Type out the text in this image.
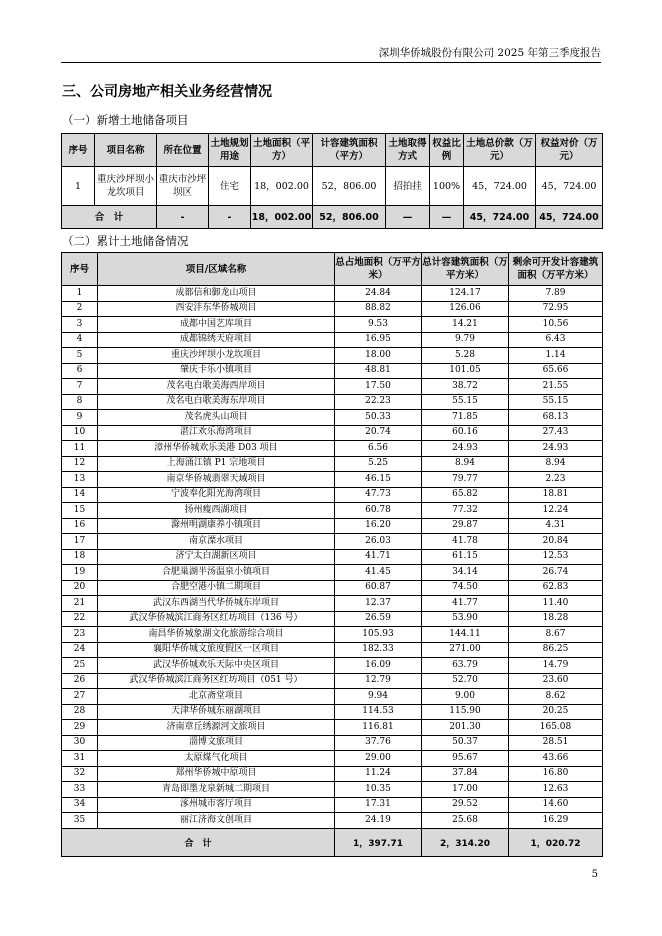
深圳华侨城股份有限公司 2025 年第三季度报告
三、公司房地产相关业务经营情况
（一）新增土地储备项目
序号	项目名称	所在位置	土地规划用途	土地面积（平方）	计容建筑面积（平方）	土地取得方式	权益比例	土地总价款（万元）	权益对价（万元）
1	重庆沙坪坝小龙坎项目	重庆市沙坪坝区	住宅	18，002.00	52，806.00	招拍挂	100%	45，724.00	45，724.00
合　计		-	-	18，002.00	52，806.00	—	—	45，724.00	45，724.00
（二）累计土地储备情况
序号	项目/区域名称	总占地面积（万平方米）	总计容建筑面积（万平方米）	剩余可开发计容建筑面积（万平方米）
1	成都信和御龙山项目	24.84	124.17	7.89
2	西安沣东华侨城项目	88.82	126.06	72.95
3	成都中国艺库项目	9.53	14.21	10.56
4	成都锦绣天府项目	16.95	9.79	6.43
5	重庆沙坪坝小龙坎项目	18.00	5.28	1.14
6	肇庆卡乐小镇项目	48.81	101.05	65.66
7	茂名电白歌美海西岸项目	17.50	38.72	21.55
8	茂名电白歌美海东岸项目	22.23	55.15	55.15
9	茂名虎头山项目	50.33	71.85	68.13
10	湛江欢乐海湾项目	20.74	60.16	27.43
11	漳州华侨城欢乐美港 D03 项目	6.56	24.93	24.93
12	上海涌江镇 P1 宗地项目	5.25	8.94	8.94
13	南京华侨城翡翠天域项目	46.15	79.77	2.23
14	宁波奉化阳光海湾项目	47.73	65.82	18.81
15	扬州瘦西湖项目	60.78	77.32	12.24
16	滁州明湖康养小镇项目	16.20	29.87	4.31
17	南京溧水项目	26.03	41.78	20.84
18	济宁太白湖新区项目	41.71	61.15	12.53
19	合肥巢湖半汤温泉小镇项目	41.45	34.14	26.74
20	合肥空港小镇二期项目	60.87	74.50	62.83
21	武汉东西湖当代华侨城东岸项目	12.37	41.77	11.40
22	武汉华侨城滨江商务区红坊项目（136 号）	26.59	53.90	18.28
23	南昌华侨城象湖文化旅游综合项目	105.93	144.11	8.67
24	襄阳华侨城文旅度假区一区项目	182.33	271.00	86.25
25	武汉华侨城欢乐天际中央区项目	16.09	63.79	14.79
26	武汉华侨城滨江商务区红坊项目（051 号）	12.79	52.70	23.60
27	北京斋堂项目	9.94	9.00	8.62
28	天津华侨城东丽湖项目	114.53	115.90	20.25
29	济南章丘绣源河文旅项目	116.81	201.30	165.08
30	淄博文旅项目	37.76	50.37	28.51
31	太原煤气化项目	29.00	95.67	43.66
32	郑州华侨城中原项目	11.24	37.84	16.80
33	青岛即墨龙泉新城二期项目	10.35	17.00	12.63
34	涿州城市客厅项目	17.31	29.52	14.60
35	丽江济海文创项目	24.19	25.68	16.29
合　计		1，397.71	2，314.20	1，020.72
5
